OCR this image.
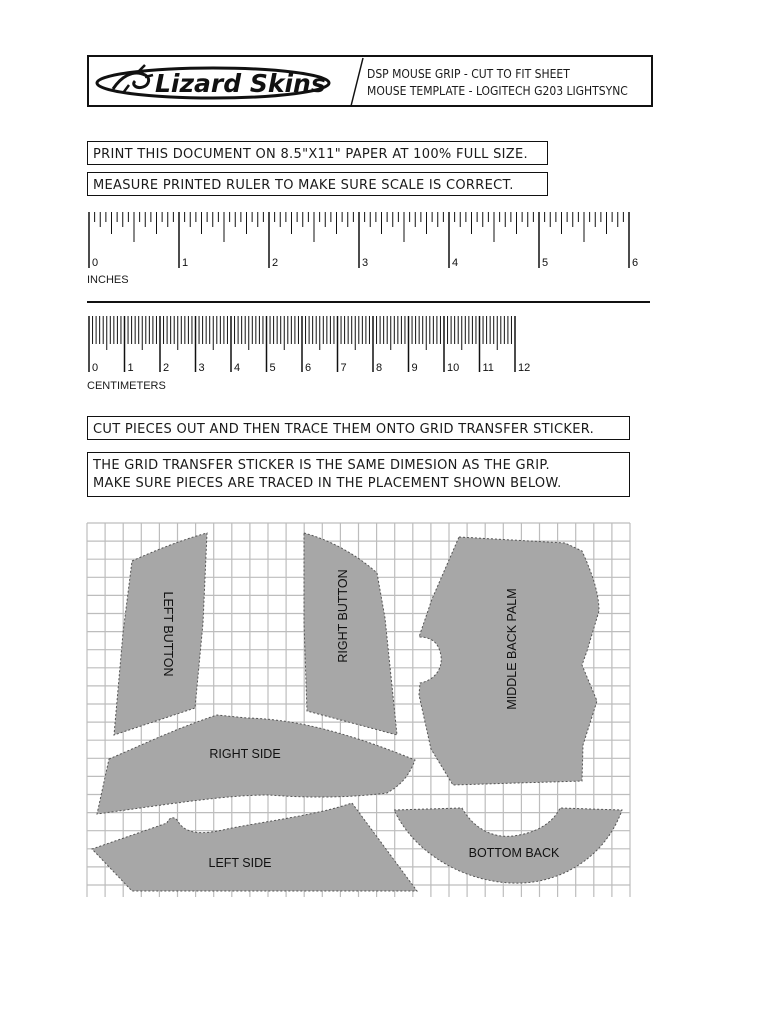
Lizard Skins	DSP MOUSE GRIP - CUT TO FIT SHEET
MOUSE TEMPLATE - LOGITECH G203 LIGHTSYNC
PRINT THIS DOCUMENT ON 8.5"X11" PAPER AT 100% FULL SIZE.
MEASURE PRINTED RULER TO MAKE SURE SCALE IS CORRECT.
0	1	2	3	4	5	6
INCHES
0	1	2	3	4	5	6	7	8	9	10 11 12
CENTIMETERS
CUT PIECES OUT AND THEN TRACE THEM ONTO GRID TRANSFER STICKER.
THE GRID TRANSFER STICKER IS THE SAME DIMESION AS THE GRIP.
MAKE SURE PIECES ARE TRACED IN THE PLACEMENT SHOWN BELOW.
LEFT BUTTON	RIGHT BUTTON	MIDDLE BACK PALM
RIGHT SIDE
LEFT SIDE
BOTTOM BACK
